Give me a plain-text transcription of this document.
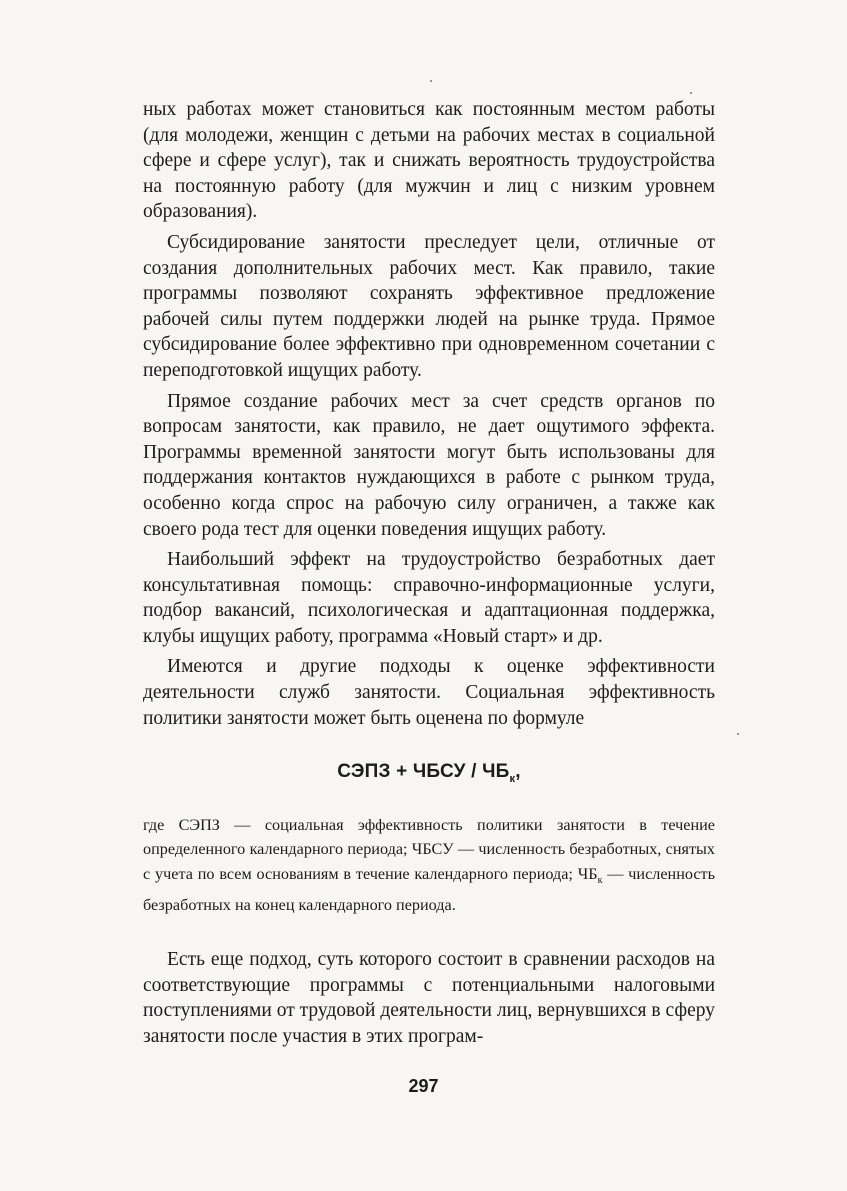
ных работах может становиться как постоянным местом работы (для молодежи, женщин с детьми на рабочих местах в социальной сфере и сфере услуг), так и снижать вероятность трудоустройства на постоянную работу (для мужчин и лиц с низким уровнем образования).

Субсидирование занятости преследует цели, отличные от создания дополнительных рабочих мест. Как правило, такие программы позволяют сохранять эффективное предложение рабочей силы путем поддержки людей на рынке труда. Прямое субсидирование более эффективно при одновременном сочетании с переподготовкой ищущих работу.

Прямое создание рабочих мест за счет средств органов по вопросам занятости, как правило, не дает ощутимого эффекта. Программы временной занятости могут быть использованы для поддержания контактов нуждающихся в работе с рынком труда, особенно когда спрос на рабочую силу ограничен, а также как своего рода тест для оценки поведения ищущих работу.

Наибольший эффект на трудоустройство безработных дает консультативная помощь: справочно-информационные услуги, подбор вакансий, психологическая и адаптационная поддержка, клубы ищущих работу, программа «Новый старт» и др.

Имеются и другие подходы к оценке эффективности деятельности служб занятости. Социальная эффективность политики занятости может быть оценена по формуле

СЭПЗ + ЧБСУ / $ЧБ_к$,

где СЭПЗ — социальная эффективность политики занятости в течение определенного календарного периода; ЧБСУ — численность безработных, снятых с учета по всем основаниям в течение календарного периода; $ЧБ_к$ — численность безработных на конец календарного периода.

Есть еще подход, суть которого состоит в сравнении расходов на соответствующие программы с потенциальными налоговыми поступлениями от трудовой деятельности лиц, вернувшихся в сферу занятости после участия в этих програм-

297
